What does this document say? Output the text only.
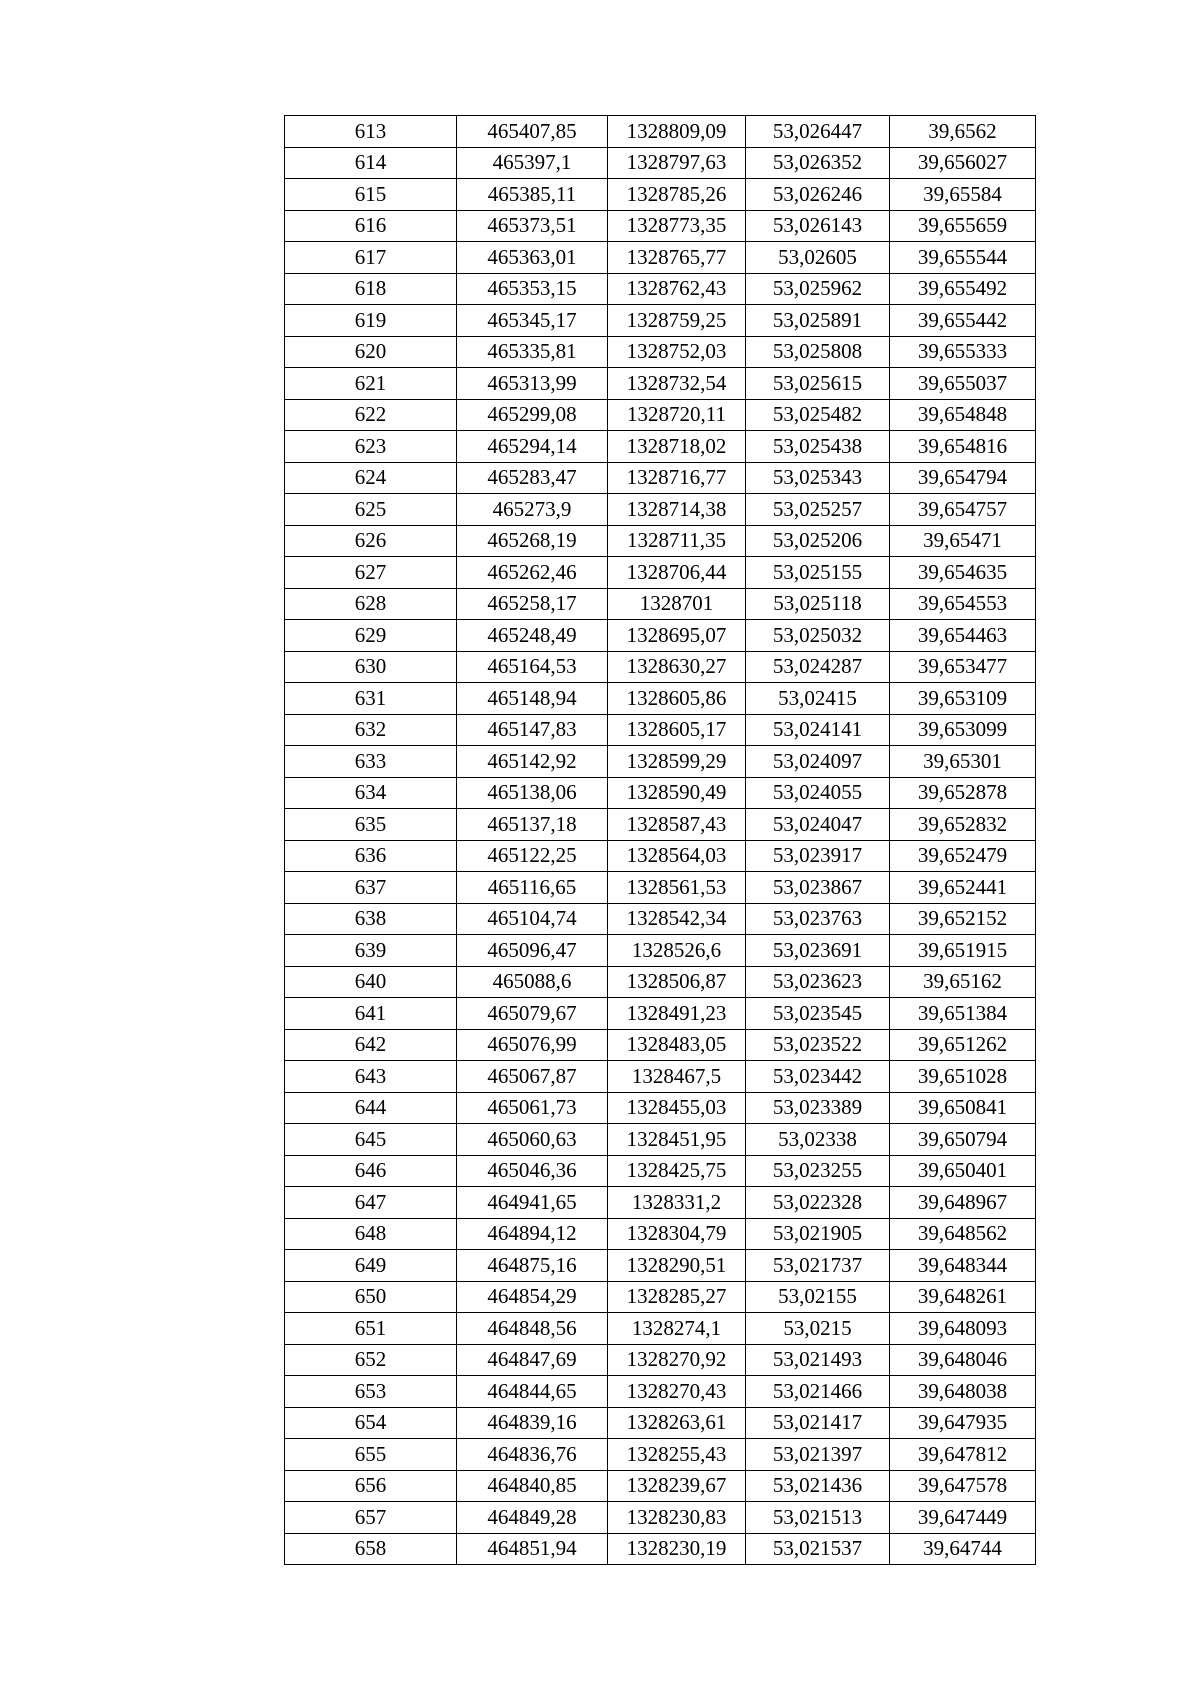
613	465407,85	1328809,09	53,026447	39,6562
614	465397,1	1328797,63	53,026352	39,656027
615	465385,11	1328785,26	53,026246	39,65584
616	465373,51	1328773,35	53,026143	39,655659
617	465363,01	1328765,77	53,02605	39,655544
618	465353,15	1328762,43	53,025962	39,655492
619	465345,17	1328759,25	53,025891	39,655442
620	465335,81	1328752,03	53,025808	39,655333
621	465313,99	1328732,54	53,025615	39,655037
622	465299,08	1328720,11	53,025482	39,654848
623	465294,14	1328718,02	53,025438	39,654816
624	465283,47	1328716,77	53,025343	39,654794
625	465273,9	1328714,38	53,025257	39,654757
626	465268,19	1328711,35	53,025206	39,65471
627	465262,46	1328706,44	53,025155	39,654635
628	465258,17	1328701	53,025118	39,654553
629	465248,49	1328695,07	53,025032	39,654463
630	465164,53	1328630,27	53,024287	39,653477
631	465148,94	1328605,86	53,02415	39,653109
632	465147,83	1328605,17	53,024141	39,653099
633	465142,92	1328599,29	53,024097	39,65301
634	465138,06	1328590,49	53,024055	39,652878
635	465137,18	1328587,43	53,024047	39,652832
636	465122,25	1328564,03	53,023917	39,652479
637	465116,65	1328561,53	53,023867	39,652441
638	465104,74	1328542,34	53,023763	39,652152
639	465096,47	1328526,6	53,023691	39,651915
640	465088,6	1328506,87	53,023623	39,65162
641	465079,67	1328491,23	53,023545	39,651384
642	465076,99	1328483,05	53,023522	39,651262
643	465067,87	1328467,5	53,023442	39,651028
644	465061,73	1328455,03	53,023389	39,650841
645	465060,63	1328451,95	53,02338	39,650794
646	465046,36	1328425,75	53,023255	39,650401
647	464941,65	1328331,2	53,022328	39,648967
648	464894,12	1328304,79	53,021905	39,648562
649	464875,16	1328290,51	53,021737	39,648344
650	464854,29	1328285,27	53,02155	39,648261
651	464848,56	1328274,1	53,0215	39,648093
652	464847,69	1328270,92	53,021493	39,648046
653	464844,65	1328270,43	53,021466	39,648038
654	464839,16	1328263,61	53,021417	39,647935
655	464836,76	1328255,43	53,021397	39,647812
656	464840,85	1328239,67	53,021436	39,647578
657	464849,28	1328230,83	53,021513	39,647449
658	464851,94	1328230,19	53,021537	39,64744
